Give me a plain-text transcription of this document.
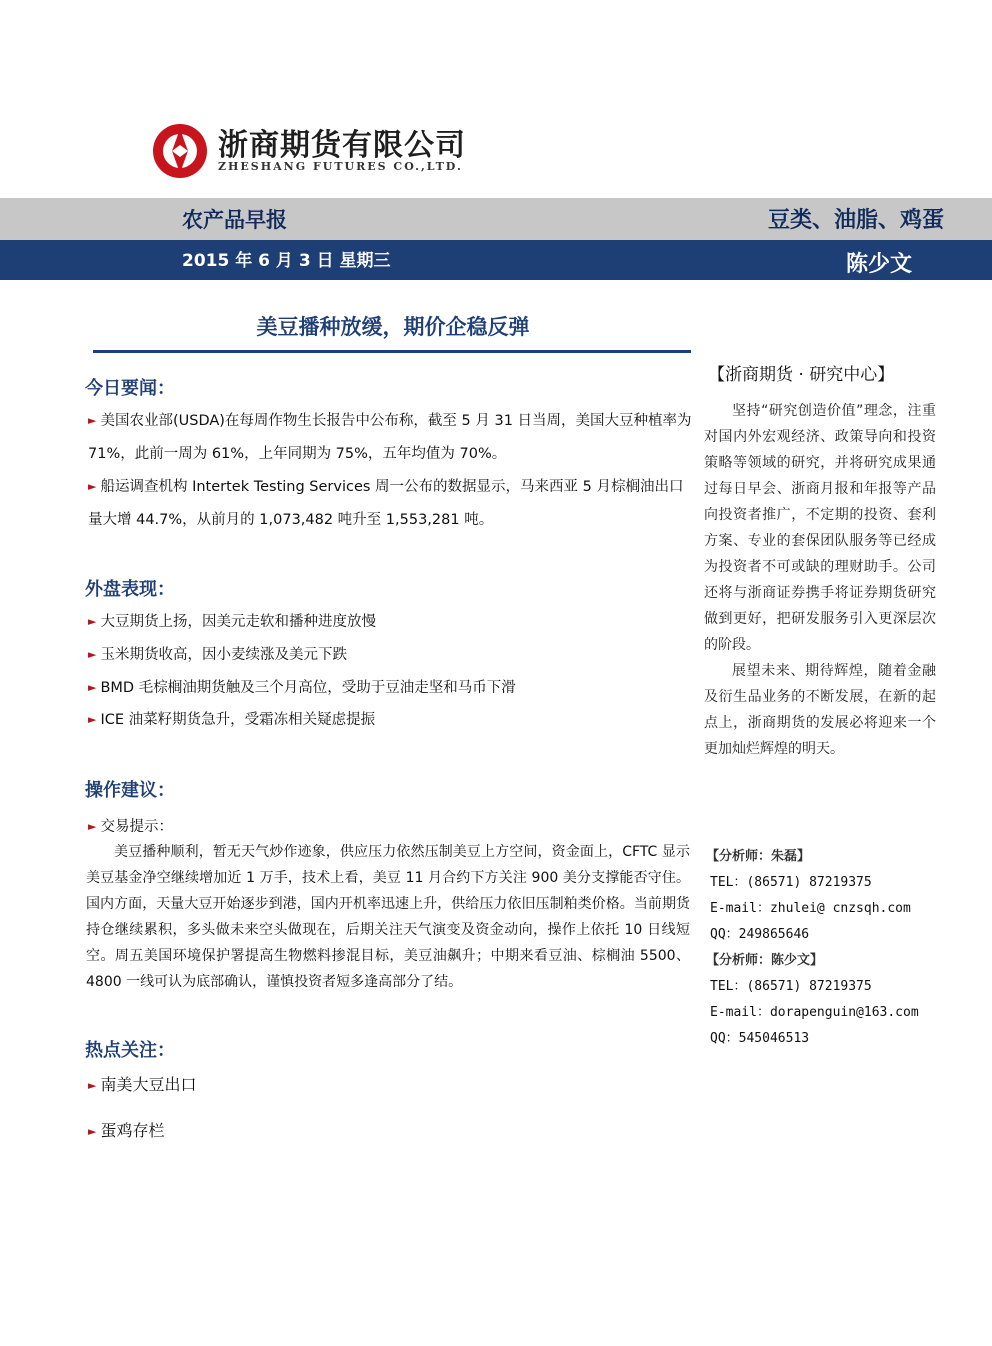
浙商期货有限公司
ZHESHANG FUTURES CO.,LTD.
农产品早报	豆类、油脂、鸡蛋
2015 年 6 月 3 日 星期三	陈少文
美豆播种放缓，期价企稳反弹
今日要闻：
► 美国农业部(USDA)在每周作物生长报告中公布称，截至 5 月 31 日当周，美国大豆种植率为 71%，此前一周为 61%，上年同期为 75%，五年均值为 70%。
► 船运调查机构 Intertek Testing Services 周一公布的数据显示，马来西亚 5 月棕榈油出口量大增 44.7%，从前月的 1,073,482 吨升至 1,553,281 吨。
外盘表现：
► 大豆期货上扬，因美元走软和播种进度放慢
► 玉米期货收高，因小麦续涨及美元下跌
► BMD 毛棕榈油期货触及三个月高位，受助于豆油走坚和马币下滑
► ICE 油菜籽期货急升，受霜冻相关疑虑提振
操作建议：
► 交易提示：
美豆播种顺利，暂无天气炒作迹象，供应压力依然压制美豆上方空间，资金面上，CFTC 显示美豆基金净空继续增加近 1 万手，技术上看，美豆 11 月合约下方关注 900 美分支撑能否守住。国内方面，天量大豆开始逐步到港，国内开机率迅速上升，供给压力依旧压制粕类价格。当前期货持仓继续累积，多头做未来空头做现在，后期关注天气演变及资金动向，操作上依托 10 日线短空。周五美国环境保护署提高生物燃料掺混目标，美豆油飙升；中期来看豆油、棕榈油 5500、4800 一线可认为底部确认，谨慎投资者短多逢高部分了结。
热点关注：
► 南美大豆出口
► 蛋鸡存栏
【浙商期货 · 研究中心】
坚持“研究创造价值”理念，注重对国内外宏观经济、政策导向和投资策略等领域的研究，并将研究成果通过每日早会、浙商月报和年报等产品向投资者推广，不定期的投资、套利方案、专业的套保团队服务等已经成为投资者不可或缺的理财助手。公司还将与浙商证券携手将证券期货研究做到更好，把研发服务引入更深层次的阶段。
展望未来、期待辉煌，随着金融及衍生品业务的不断发展，在新的起点上，浙商期货的发展必将迎来一个更加灿烂辉煌的明天。
【分析师：朱磊】
TEL：(86571) 87219375
E-mail：zhulei@ cnzsqh.com
QQ：249865646
【分析师：陈少文】
TEL：(86571) 87219375
E-mail：dorapenguin@163.com
QQ：545046513
